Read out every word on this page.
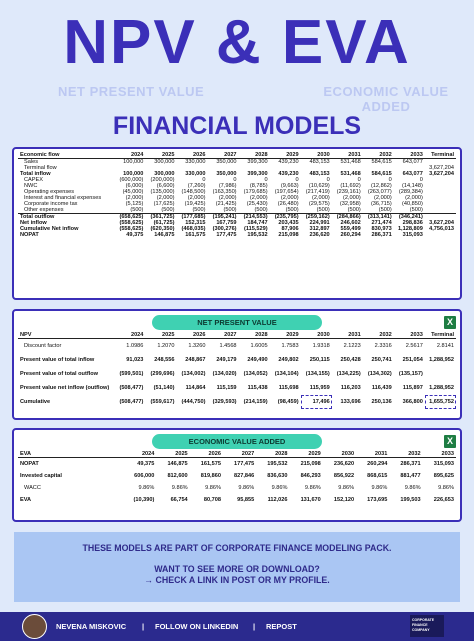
NPV & EVA
NET PRESENT VALUE	ECONOMIC VALUE ADDED
FINANCIAL MODELS
Economic flow	2024	2025	2026	2027	2028	2029	2030	2031	2032	2033	Terminal
Sales	100,000	300,000	330,000	350,000	399,300	439,230	483,153	531,468	584,615	643,077	
Terminal flow											3,627,204
Total inflow	100,000	300,000	330,000	350,000	399,300	439,230	483,153	531,468	584,615	643,077	3,627,204

CAPEX	(600,000)	(200,000)	0	0	0	0	0	0	0	0	
NWC	(6,000)	(6,600)	(7,260)	(7,986)	(8,785)	(9,663)	(10,629)	(11,692)	(12,862)	(14,148)	
Operating expenses	(45,000)	(135,000)	(148,500)	(163,350)	(179,685)	(197,654)	(217,419)	(239,161)	(263,077)	(289,384)	
Interest and financial expenses	(2,000)	(2,000)	(2,000)	(2,000)	(2,000)	(2,000)	(2,000)	(2,000)	(2,000)	(2,000)	
Corporate income tax	(5,125)	(17,625)	(19,425)	(21,425)	(25,430)	(26,480)	(29,575)	(32,958)	(36,715)	(40,850)	
Other expenses	(500)	(500)	(500)	(500)	(500)	(500)	(500)	(500)	(500)	(500)	
Total outflow	(658,625)	(361,725)	(177,685)	(195,241)	(214,553)	(235,795)	(259,162)	(284,866)	(313,141)	(346,241)	
Net inflow	(558,625)	(61,725)	152,315	167,759	184,747	203,435	224,991	246,602	271,474	298,836	3,627,204
Cumulative Net inflow	(558,625)	(620,350)	(468,035)	(300,276)	(115,529)	87,906	312,897	559,499	830,973	1,128,809	4,756,013
NOPAT	49,375	146,875	161,575	177,475	195,532	215,098	236,620	260,294	286,371	315,093	
NET PRESENT VALUE	X
NPV	2024	2025	2026	2027	2028	2029	2030	2031	2032	2033	Terminal
Discount factor	1.0986	1.2070	1.3260	1.4568	1.6005	1.7583	1.9318	2.1223	2.3316	2.5617	2.8141
Present value of total inflow	91,023	248,556	248,867	249,179	249,490	249,802	250,115	250,428	250,741	251,054	1,288,952
Present value of total outflow	(599,501)	(299,696)	(134,002)	(134,020)	(134,052)	(134,104)	(134,155)	(134,225)	(134,302)	(135,157)	
Present value net inflow (outflow)	(508,477)	(51,140)	114,864	115,159	115,438	115,698	115,959	116,203	116,439	115,897	1,288,952
Cumulative	(508,477)	(559,617)	(444,750)	(329,593)	(214,159)	(98,459)	17,496	133,696	250,136	366,800	1,655,752
ECONOMIC VALUE ADDED	X
EVA	2024	2025	2026	2027	2028	2029	2030	2031	2032	2033
NOPAT	49,375	146,875	161,575	177,475	195,532	215,098	236,620	260,294	286,371	315,093
Invested capital	606,000	812,600	819,860	827,846	836,630	846,293	856,922	868,615	881,477	895,625
WACC	9.86%	9.86%	9.86%	9.86%	9.86%	9.86%	9.86%	9.86%	9.86%	9.86%
EVA	(10,390)	66,754	80,708	95,855	112,026	131,670	152,120	173,695	199,503	226,653
THESE MODELS ARE PART OF CORPORATE FINANCE MODELING PACK.
WANT TO SEE MORE OR DOWNLOAD?
→ CHECK A LINK IN POST OR MY PROFILE.
NEVENA MISKOVIC | FOLLOW ON LINKEDIN | REPOST
CORPORATE FINANCE COMPANY
